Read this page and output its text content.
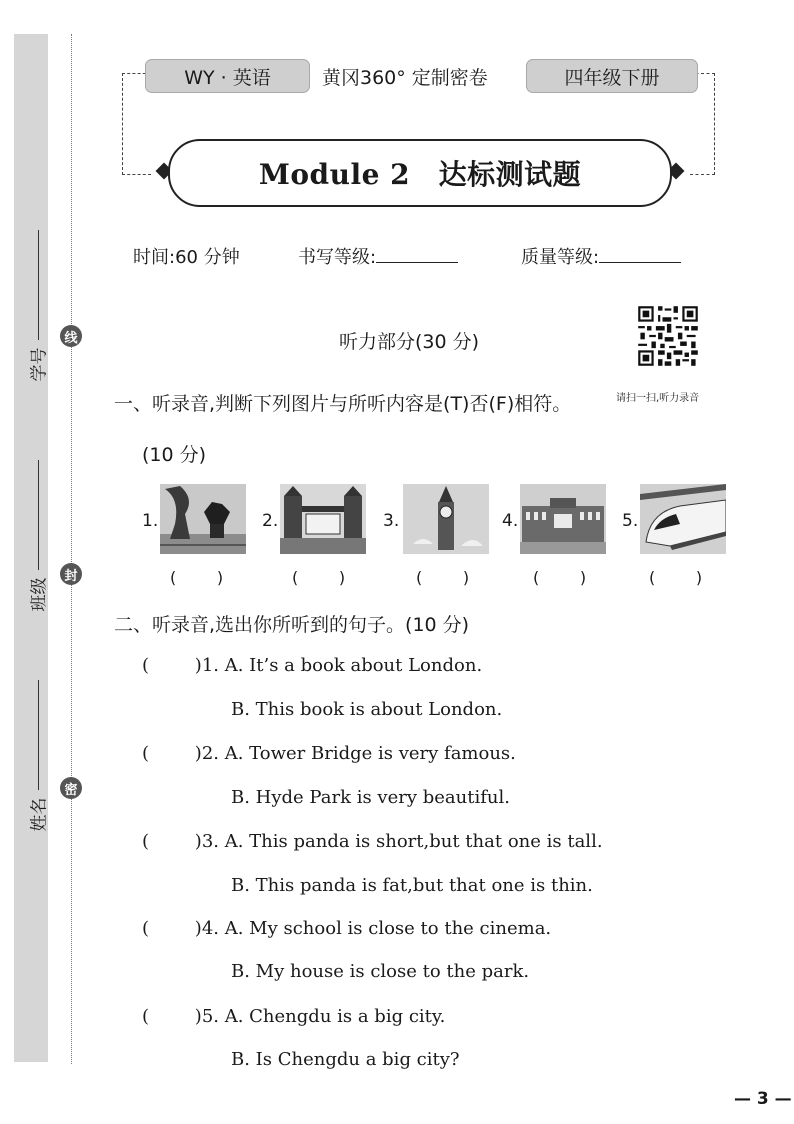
学号
班级
姓名
线
封
密
WY · 英语	黄冈360° 定制密卷	四年级下册
Module 2　达标测试题
时间:60 分钟	书写等级:	质量等级:
听力部分(30 分)
一、听录音,判断下列图片与所听内容是(T)否(F)相符。	请扫一扫,听力录音
(10 分)
1.	2.	3.	4.	5.
(        )	(        )	(        )	(        )	(        )
二、听录音,选出你所听到的句子。(10 分)
(        )1. A. It’s a book about London.
B. This book is about London.
(        )2. A. Tower Bridge is very famous.
B. Hyde Park is very beautiful.
(        )3. A. This panda is short,but that one is tall.
B. This panda is fat,but that one is thin.
(        )4. A. My school is close to the cinema.
B. My house is close to the park.
(        )5. A. Chengdu is a big city.
B. Is Chengdu a big city?
— 3 —
